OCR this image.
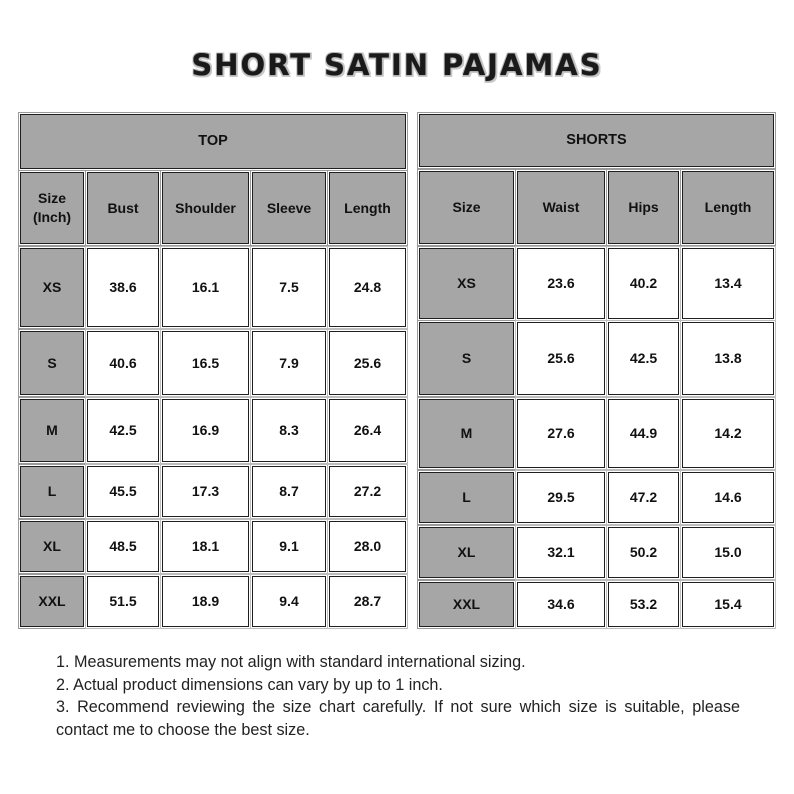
SHORT SATIN PAJAMAS
TOP
Size
(Inch)
Bust	Shoulder	Sleeve	Length
XS	38.6	16.1	7.5	24.8
S	40.6	16.5	7.9	25.6
M	42.5	16.9	8.3	26.4
L	45.5	17.3	8.7	27.2
XL	48.5	18.1	9.1	28.0
XXL	51.5	18.9	9.4	28.7
SHORTS
Size	Waist	Hips	Length
XS	23.6	40.2	13.4
S	25.6	42.5	13.8
M	27.6	44.9	14.2
L	29.5	47.2	14.6
XL	32.1	50.2	15.0
XXL	34.6	53.2	15.4
1. Measurements may not align with standard international sizing.
2. Actual product dimensions can vary by up to 1 inch.
3. Recommend reviewing the size chart carefully. If not sure which size is suitable, please contact me to choose the best size.
